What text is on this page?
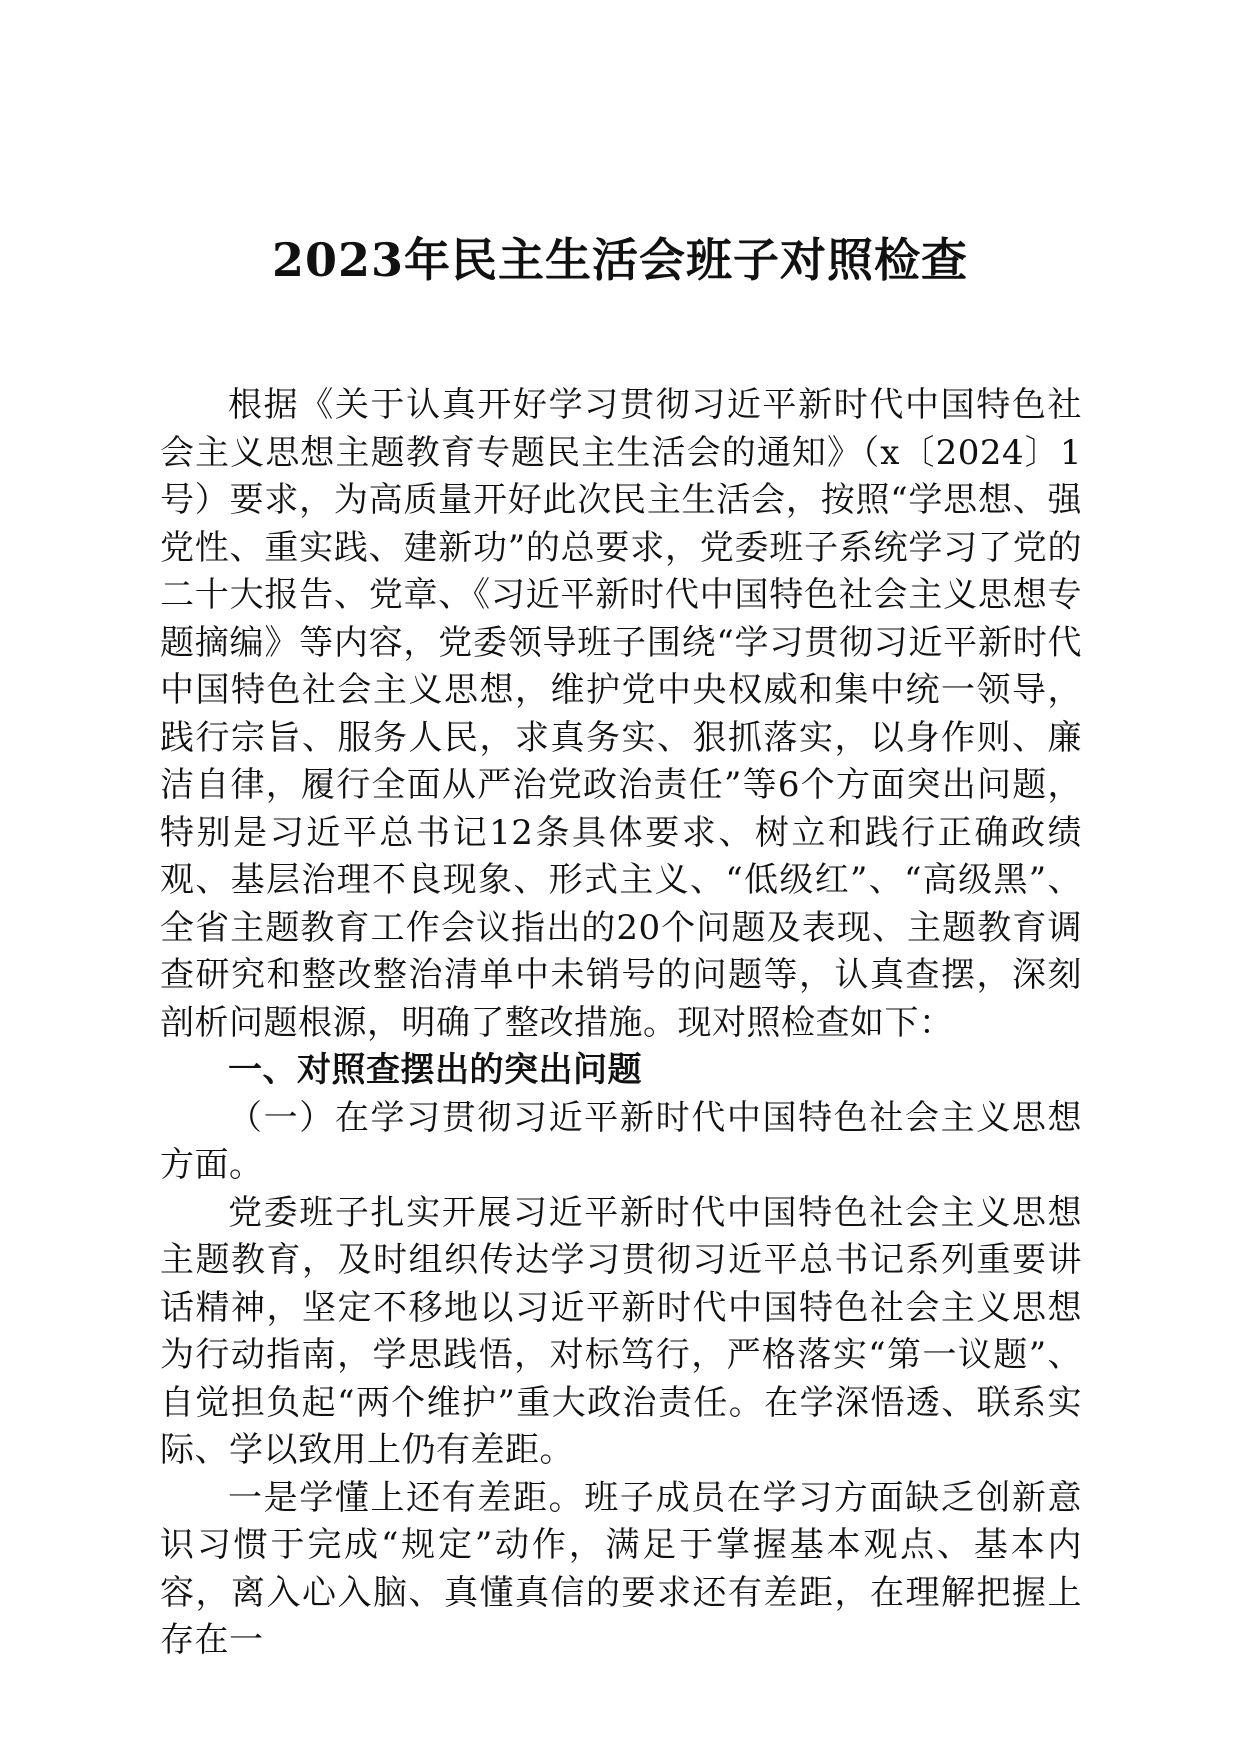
2023年民主生活会班子对照检查

根据《关于认真开好学习贯彻习近平新时代中国特色社会主义思想主题教育专题民主生活会的通知》（x〔2024〕1号）要求，为高质量开好此次民主生活会，按照“学思想、强党性、重实践、建新功”的总要求，党委班子系统学习了党的二十大报告、党章、《习近平新时代中国特色社会主义思想专题摘编》等内容，党委领导班子围绕“学习贯彻习近平新时代中国特色社会主义思想，维护党中央权威和集中统一领导，践行宗旨、服务人民，求真务实、狠抓落实，以身作则、廉洁自律，履行全面从严治党政治责任”等6个方面突出问题，特别是习近平总书记12条具体要求、树立和践行正确政绩观、基层治理不良现象、形式主义、“低级红”、“高级黑”、全省主题教育工作会议指出的20个问题及表现、主题教育调查研究和整改整治清单中未销号的问题等，认真查摆，深刻剖析问题根源，明确了整改措施。现对照检查如下：

一、对照查摆出的突出问题

（一）在学习贯彻习近平新时代中国特色社会主义思想方面。

党委班子扎实开展习近平新时代中国特色社会主义思想主题教育，及时组织传达学习贯彻习近平总书记系列重要讲话精神，坚定不移地以习近平新时代中国特色社会主义思想为行动指南，学思践悟，对标笃行，严格落实“第一议题”、自觉担负起“两个维护”重大政治责任。在学深悟透、联系实际、学以致用上仍有差距。

一是学懂上还有差距。班子成员在学习方面缺乏创新意识习惯于完成“规定”动作，满足于掌握基本观点、基本内容，离入心入脑、真懂真信的要求还有差距，在理解把握上存在一
